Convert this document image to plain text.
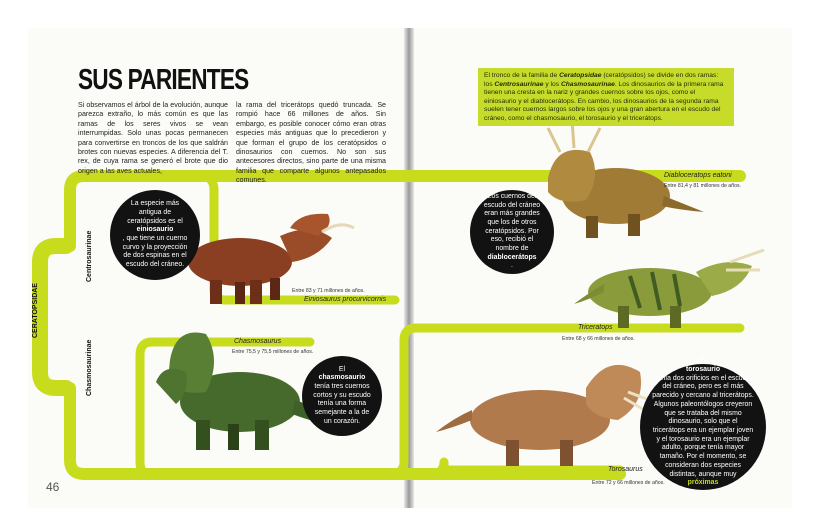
SUS PARIENTES
Si observamos el árbol de la evolución, aunque parezca extraño, lo más común es que las ramas de los seres vivos se vean interrumpidas. Solo unas pocas permanecen para convertirse en troncos de los que saldrán brotes con nuevas especies. A diferencia del T. rex, de cuya rama se generó el brote que dio origen a las aves actuales,
la rama del tricerátops quedó truncada. Se rompió hace 66 millones de años. Sin embargo, es posible conocer cómo eran otras especies más antiguas que lo precedieron y que forman el grupo de los ceratópsidos o dinosaurios con cuernos. No son sus antecesores directos, sino parte de una misma familia que comparte algunos antepasados comunes.
El tronco de la familia de Ceratopsidae (ceratópsidos) se divide en dos ramas: los Centrosaurinae y los Chasmosaurinae. Los dinosaurios de la primera rama tienen una cresta en la nariz y grandes cuernos sobre los ojos, como el einiosaurio y el diablocerátops. En cambio, los dinosaurios de la segunda rama suelen tener cuernos largos sobre los ojos y una gran abertura en el escudo del cráneo, como el chasmosaurio, el torosaurio y el tricerátops.
CERATOPSIDAE
Centrosaurinae
Chasmosaurinae
Entre 83 y 71 millones de años.
Einiosaurus procurvicornis
Chasmosaurus
Entre 75,5 y 75,5 millones de años.
Diabloceratops eatoni
Entre 81,4 y 81 millones de años.
Triceratops
Entre 68 y 66 millones de años.
Torosaurus
Entre 72 y 66 millones de años.
La especie más antigua de ceratópsidos es el
einiosaurio
, que tiene un cuerno curvo y la proyección de dos espinas en el escudo del cráneo.
Los cuernos del escudo del cráneo eran más grandes que los de otros ceratópsidos. Por eso, recibió el nombre de
diablocerátops
.
El
chasmosaurio
tenía tres cuernos cortos y su escudo tenía una forma semejante a la de un corazón.
El
torosaurio
tenía dos orificios en el escudo del cráneo, pero es el más parecido y cercano al tricerátops. Algunos paleontólogos creyeron que se trataba del mismo dinosaurio, solo que el tricerátops era un ejemplar joven y el torosaurio era un ejemplar adulto, porque tenía mayor tamaño. Por el momento, se consideran dos especies distintas, aunque muy
próximas
.
46
